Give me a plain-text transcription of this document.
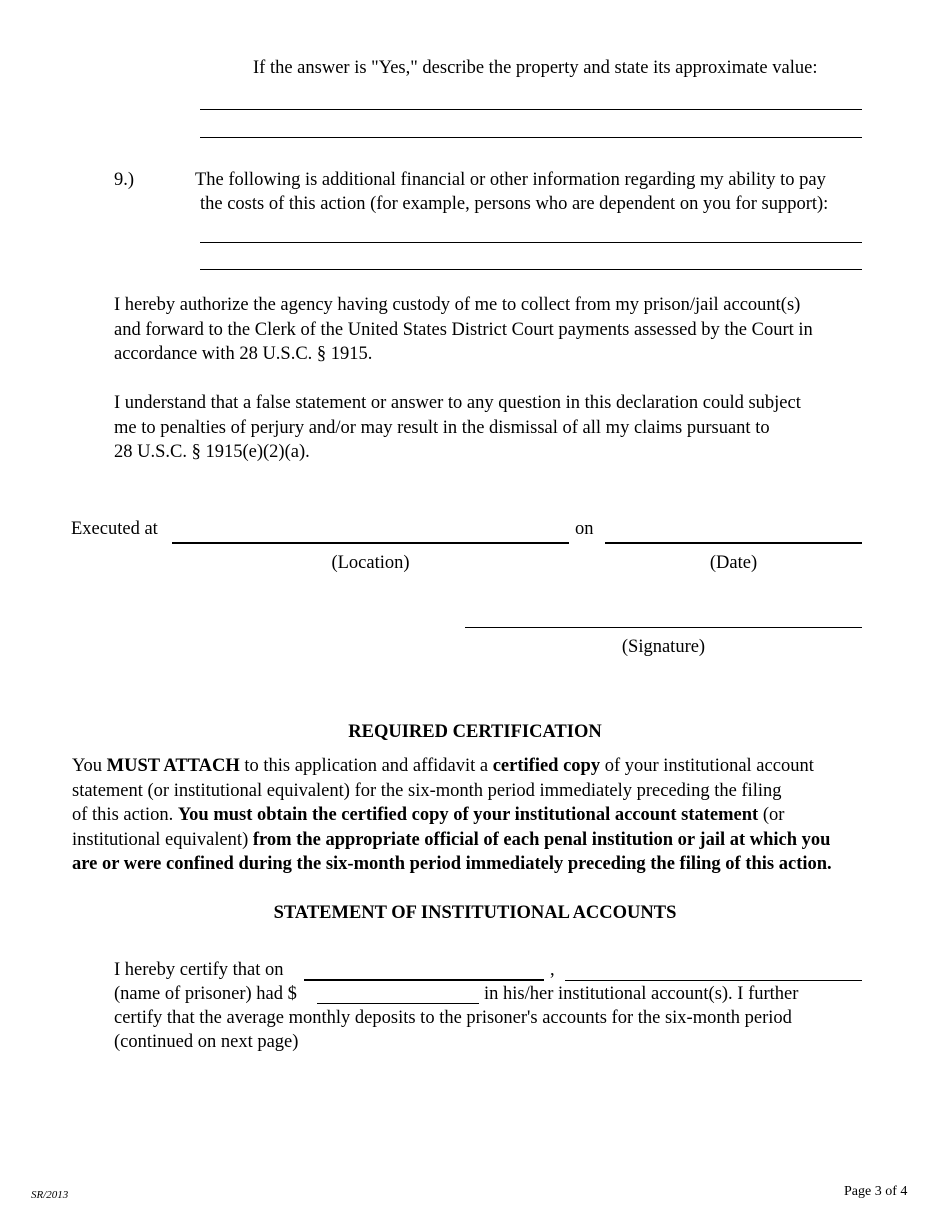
If the answer is "Yes," describe the property and state its approximate value:
9.)	The following is additional financial or other information regarding my ability to pay
the costs of this action (for example, persons who are dependent on you for support):
I hereby authorize the agency having custody of me to collect from my prison/jail account(s)
and forward to the Clerk of the United States District Court payments assessed by the Court in
accordance with 28 U.S.C. § 1915.
I understand that a false statement or answer to any question in this declaration could subject
me to penalties of perjury and/or may result in the dismissal of all my claims pursuant to
28 U.S.C. § 1915(e)(2)(a).
Executed at	on
(Location)	(Date)
(Signature)
REQUIRED CERTIFICATION
You MUST ATTACH to this application and affidavit a certified copy of your institutional account
statement (or institutional equivalent) for the six-month period immediately preceding the filing
of this action. You must obtain the certified copy of your institutional account statement (or
institutional equivalent) from the appropriate official of each penal institution or jail at which you
are or were confined during the six-month period immediately preceding the filing of this action.
STATEMENT OF INSTITUTIONAL ACCOUNTS
I hereby certify that on	,
(name of prisoner) had $	in his/her institutional account(s). I further
certify that the average monthly deposits to the prisoner's accounts for the six-month period
(continued on next page)
SR/2013	Page 3 of 4
